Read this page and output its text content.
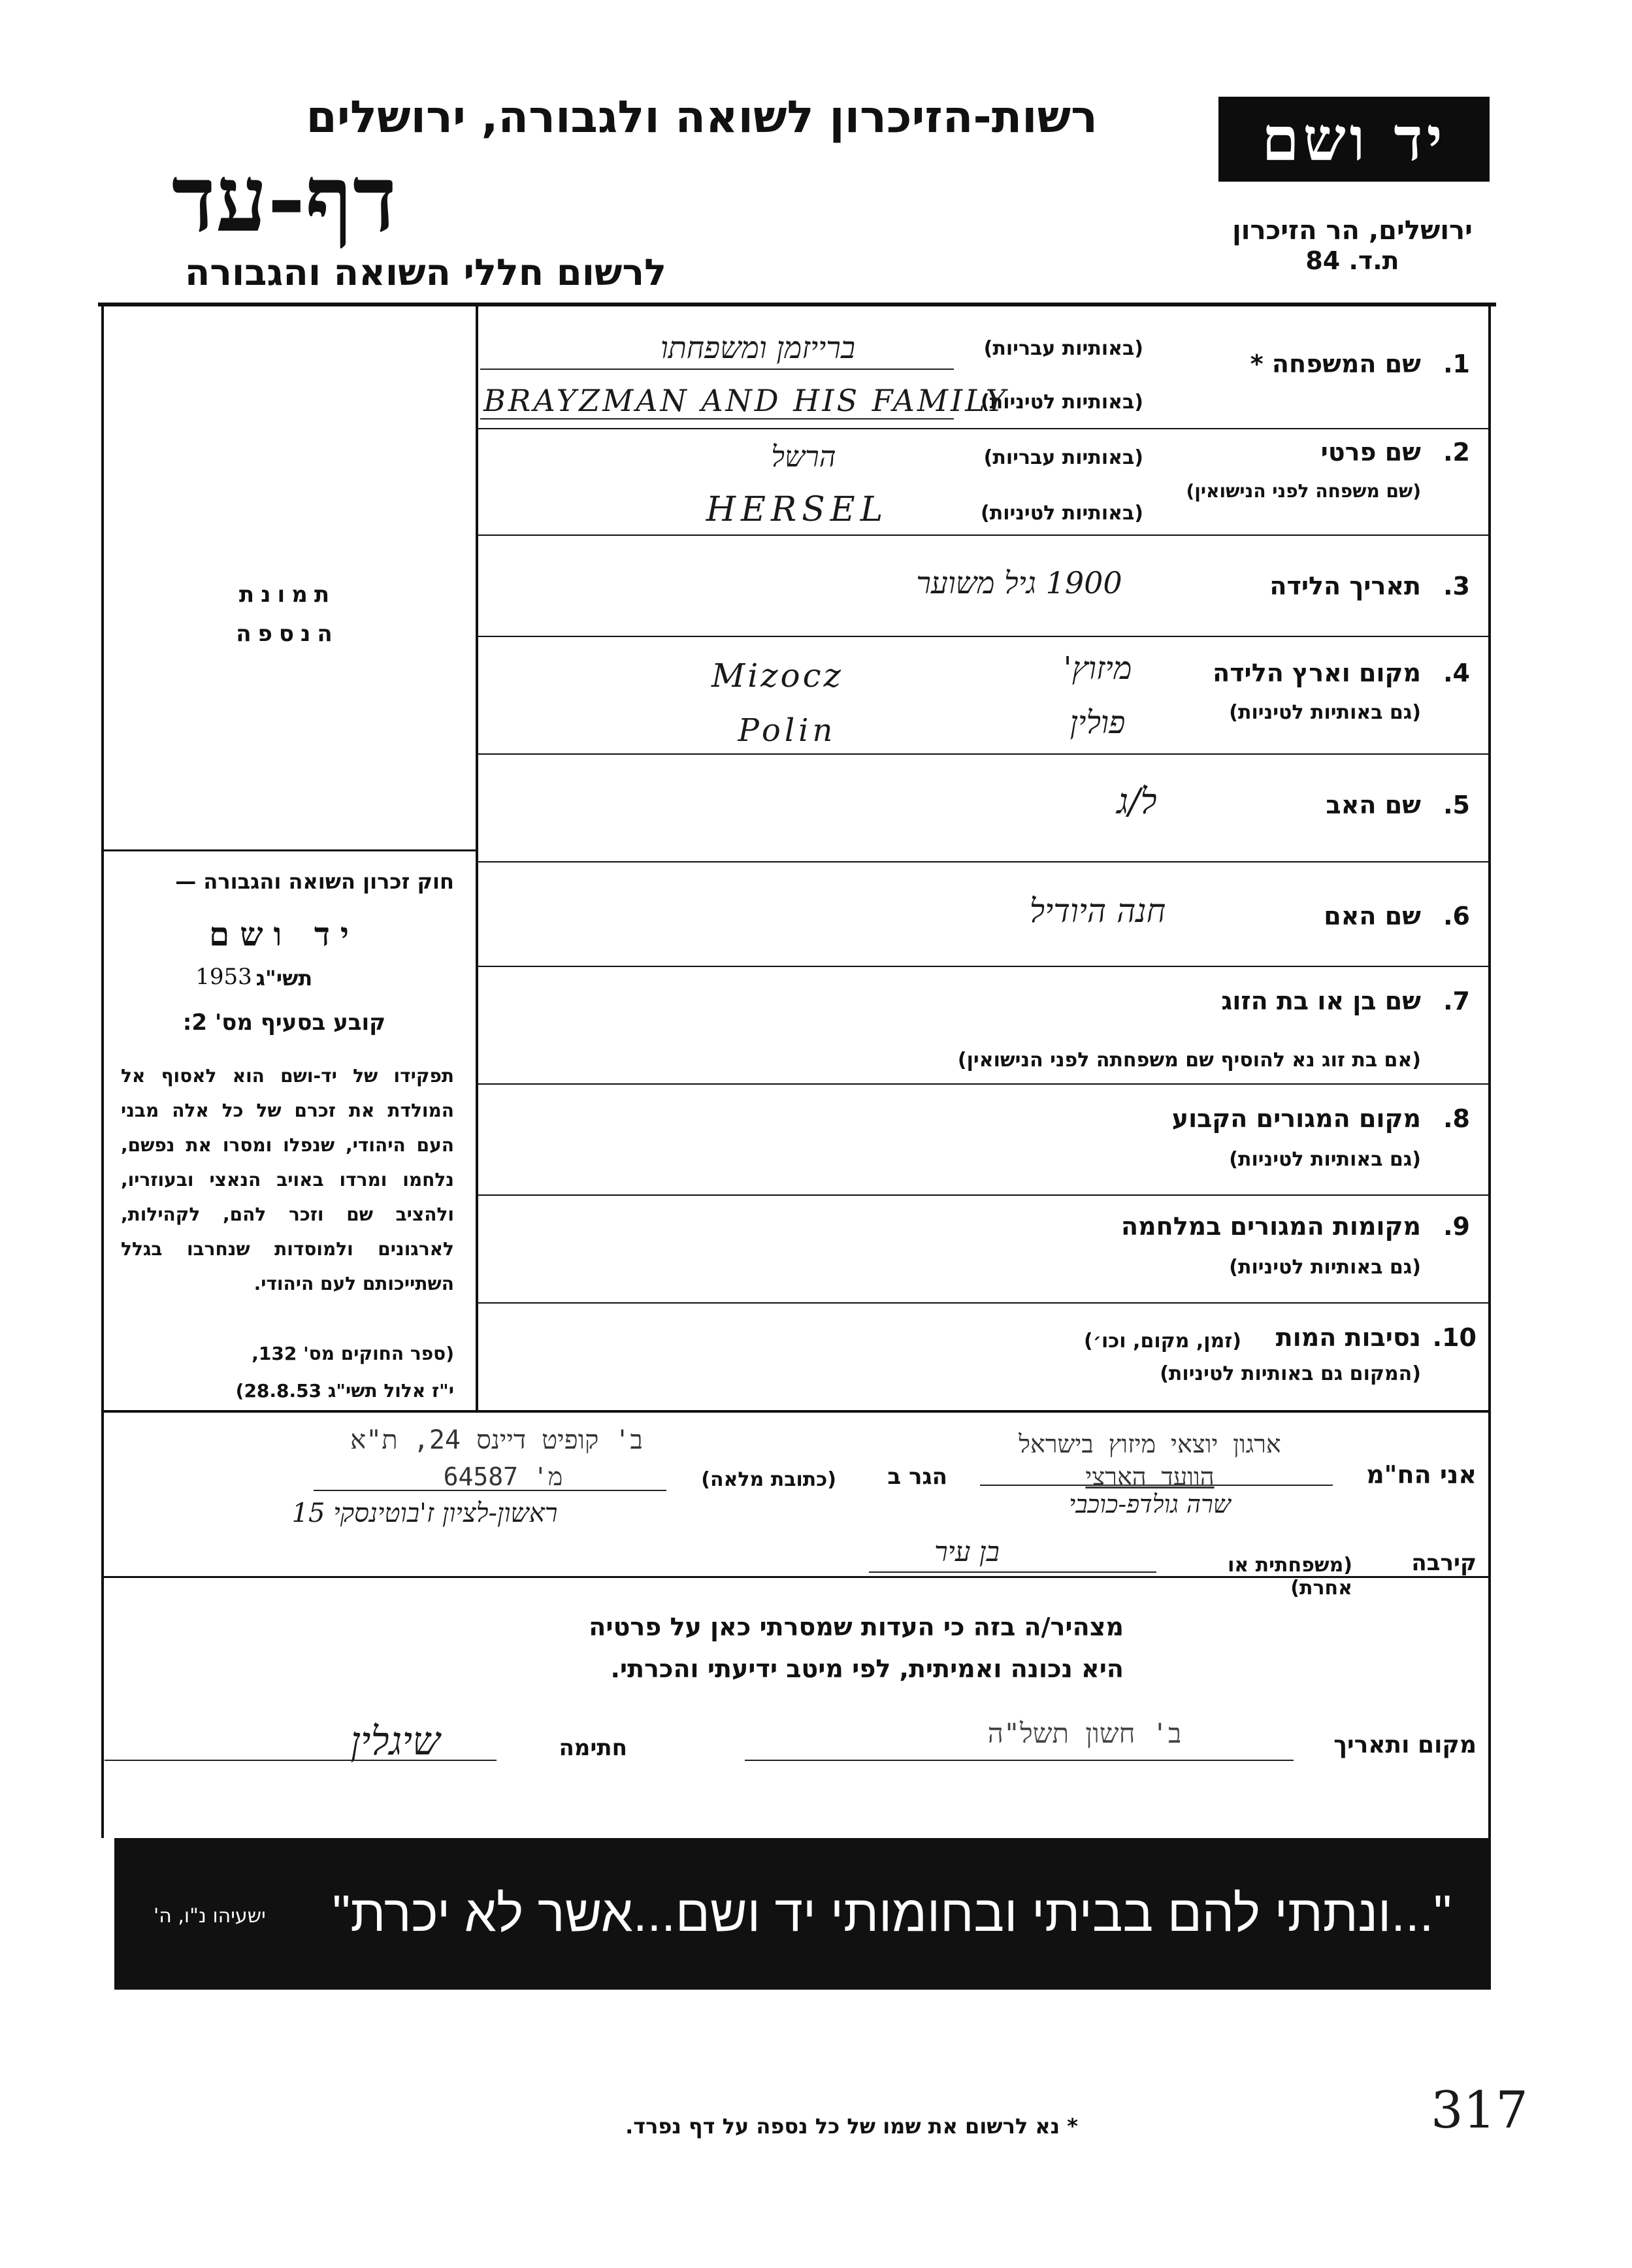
יד ושם
ירושלים, הר הזיכרון
ת.ד. 84
רשות-הזיכרון לשואה ולגבורה, ירושלים
דף-עד
לרשום חללי השואה והגבורה
תמונת
הנספה
חוק זכרון השואה והגבורה —
יד ושם
תשי"ג
1953
קובע בסעיף מס' 2:
תפקידו של יד-ושם הוא לאסוף אל המולדת את זכרם של כל אלה מבני העם היהודי, שנפלו ומסרו את נפשם, נלחמו ומרדו באויב הנאצי ובעוזריו, ולהציב שם וזכר להם, לקהילות, לארגונים ולמוסדות שנחרבו בגלל השתייכותם לעם היהודי.
(ספר החוקים מס' 132,
י"ז אלול תשי"ג 28.8.53)
1.
שם המשפחה *
(באותיות עבריות)
(באותיות לטיניות)
ברייזמן ומשפחתו
BRAYZMAN AND HIS FAMILY
2.
שם פרטי
(שם משפחה לפני הנישואין)
(באותיות עבריות)
(באותיות לטיניות)
הרשל
HERSEL
3.
תאריך הלידה
1900 גיל משוער
4.
מקום וארץ הלידה
(גם באותיות לטיניות)
מיזוץ'
Mizocz
פולין
Polin
5.
שם האב
ל/ג
6.
שם האם
חנה היודיל
7.
שם בן או בת הזוג
(אם בת זוג נא להוסיף שם משפחתה לפני הנישואין)
8.
מקום המגורים הקבוע
(גם באותיות לטיניות)
9.
מקומות המגורים במלחמה
(גם באותיות לטיניות)
10.
נסיבות המות
(זמן, מקום, וכו׳)
(המקום גם באותיות לטיניות)
אני הח"מ
ארגון יוצאי מיזוץ בישראל
הוועד הארצי
שרה גולדפ-כוכבי
הגר ב
(כתובת מלאה)
ב' קופיט דיינס 24, ת"א
מ' 64587
ראשון-לציון ז'בוטינסקי 15
קירבה
(משפחתית או אחרת)
בן עיר
מצהיר/ה בזה כי העדות שמסרתי כאן על פרטיה
היא נכונה ואמיתית, לפי מיטב ידיעתי והכרתי.
מקום ותאריך
ב' חשון תשל"ה
חתימה
שיגלין
"...ונתתי להם בביתי ובחומותי יד ושם...אשר לא יכרת"
ישעיהו נ"ו, ה'
* נא לרשום את שמו של כל נספה על דף נפרד.	317
